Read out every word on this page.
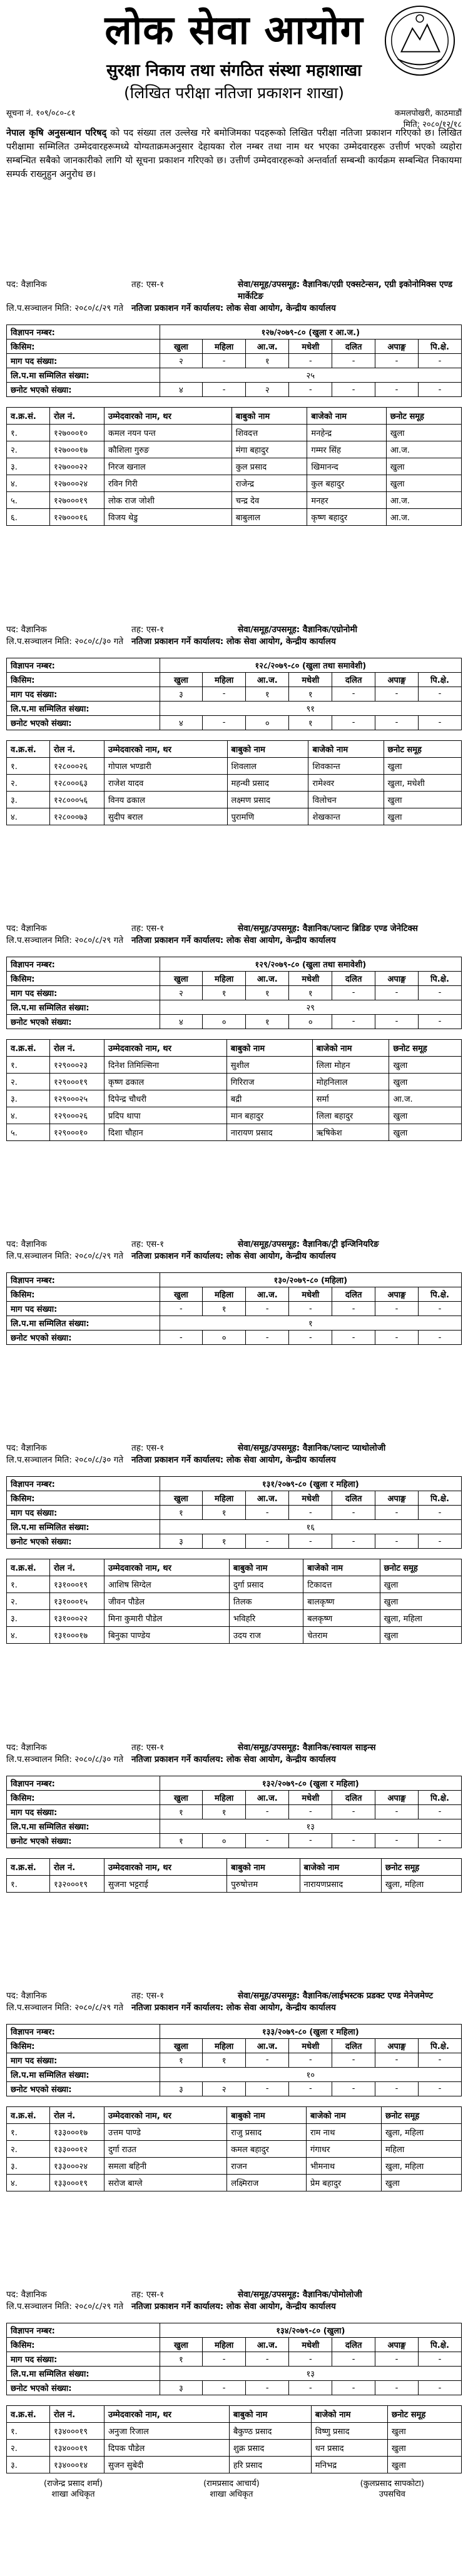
लोक सेवा आयोग
सुरक्षा निकाय तथा संगठित संस्था महाशाखा
(लिखित परीक्षा नतिजा प्रकाशन शाखा)
सूचना नं. १०९/०८०-८१	कमलपोखरी, काठमाडौं
मिति: २०८०/१२/१८
नेपाल कृषि अनुसन्धान परिषद् को पद संख्या तल उल्लेख गरे बमोजिमका पदहरूको लिखित परीक्षा नतिजा प्रकाशन गरिएको छ। लिखित परीक्षामा सम्मिलित उम्मेदवारहरूमध्ये योग्यताक्रमअनुसार देहायका रोल नम्बर तथा नाम थर भएका उम्मेदवारहरू उत्तीर्ण भएको व्यहोरा सम्बन्धित सबैको जानकारीको लागि यो सूचना प्रकाशन गरिएको छ। उत्तीर्ण उम्मेदवारहरूको अन्तर्वार्ता सम्बन्धी कार्यक्रम सम्बन्धित निकायमा सम्पर्क राख्नुहुन अनुरोध छ।
पद: वैज्ञानिक	तह: एस-१	सेवा/समूह/उपसमूह: वैज्ञानिक/एग्री एक्सटेन्सन, एग्री इकोनोमिक्स एण्ड मार्केटिङ
लि.प.सञ्चालन मिति: २०८०/८/२९ गते नतिजा प्रकाशन गर्ने कार्यालय: लोक सेवा आयोग, केन्द्रीय कार्यालय
विज्ञापन नम्बर:	१२७/२०७९-८० (खुला र आ.ज.)						
किसिम:	खुला	महिला	आ.ज.	मधेशी	दलित	अपाङ्ग	पि.क्षे.
माग पद संख्या:	२	-	१	-	-	-	-
लि.प.मा सम्मिलित संख्या:	२५						
छनोट भएको संख्या:	४	-	२	-	-	-	-
व.क्र.सं.	रोल नं.	उम्मेदवारको नाम, थर	बाबुको नाम	बाजेको नाम	छनोट समूह
१.	१२७०००१०	कमल नयन पन्त	शिवदत्त	मनहेन्द्र	खुला
२.	१२७०००१७	कौशिला गुरुङ	मंगा बहादुर	गम्मर सिंह	आ.ज.
३.	१२७०००२२	निरज खनाल	कुल प्रसाद	खिमानन्द	खुला
४.	१२७०००२४	रविन गिरी	राजेन्द्र	कुल बहादुर	खुला
५.	१२७०००१९	लोक राज जोशी	चन्द्र देव	मनहर	आ.ज.
६.	१२७०००१६	विजय थेडु	बाबुलाल	कृष्ण बहादुर	आ.ज.
पद: वैज्ञानिक	तह: एस-१	सेवा/समूह/उपसमूह: वैज्ञानिक/एग्रोनोमी
लि.प.सञ्चालन मिति: २०८०/८/३० गते नतिजा प्रकाशन गर्ने कार्यालय: लोक सेवा आयोग, केन्द्रीय कार्यालय
विज्ञापन नम्बर:	१२८/२०७९-८० (खुला तथा समावेशी)						
किसिम:	खुला	महिला	आ.ज.	मधेशी	दलित	अपाङ्ग	पि.क्षे.
माग पद संख्या:	३	-	१	१	-	-	-
लि.प.मा सम्मिलित संख्या:	९१						
छनोट भएको संख्या:	४	-	०	१	-	-	-
व.क्र.सं.	रोल नं.	उम्मेदवारको नाम, थर	बाबुको नाम	बाजेको नाम	छनोट समूह
१.	१२८०००२६	गोपाल भण्डारी	शिवलाल	शिवकान्त	खुला
२.	१२८०००६३	राजेश यादव	महन्थी प्रसाद	रामेश्वर	खुला, मधेशी
३.	१२८०००५६	विनय ढकाल	लक्ष्मण प्रसाद	विलोचन	खुला
४.	१२८०००७३	सुदीप बराल	पुरामणि	शेखकान्त	खुला
पद: वैज्ञानिक	तह: एस-१	सेवा/समूह/उपसमूह: वैज्ञानिक/प्लान्ट ब्रिडिङ एण्ड जेनेटिक्स
लि.प.सञ्चालन मिति: २०८०/८/२९ गते नतिजा प्रकाशन गर्ने कार्यालय: लोक सेवा आयोग, केन्द्रीय कार्यालय
विज्ञापन नम्बर:	१२९/२०७९-८० (खुला तथा समावेशी)						
किसिम:	खुला	महिला	आ.ज.	मधेशी	दलित	अपाङ्ग	पि.क्षे.
माग पद संख्या:	२	१	१	१	-	-	-
लि.प.मा सम्मिलित संख्या:	२९						
छनोट भएको संख्या:	४	०	१	०	-	-	-
व.क्र.सं.	रोल नं.	उम्मेदवारको नाम, थर	बाबुको नाम	बाजेको नाम	छनोट समूह
१.	१२९०००२३	दिनेश तिमिल्सिना	सुशील	लिला मोहन	खुला
२.	१२९०००१९	कृष्ण ढकाल	गिरिराज	मोहनिलाल	खुला
३.	१२९०००२५	दिपेन्द्र चौधरी	बद्री	सर्मा	आ.ज.
४.	१२९०००२६	प्रदिप थापा	मान बहादुर	लिला बहादुर	खुला
५.	१२९०००१०	दिशा चौहान	नारायण प्रसाद	ऋषिकेश	खुला
पद: वैज्ञानिक	तह: एस-१	सेवा/समूह/उपसमूह: वैज्ञानिक/ट्री इन्जिनियरिङ
लि.प.सञ्चालन मिति: २०८०/८/२९ गते नतिजा प्रकाशन गर्ने कार्यालय: लोक सेवा आयोग, केन्द्रीय कार्यालय
विज्ञापन नम्बर:	१३०/२०७९-८० (महिला)						
किसिम:	खुला	महिला	आ.ज.	मधेशी	दलित	अपाङ्ग	पि.क्षे.
माग पद संख्या:	-	१	-	-	-	-	-
लि.प.मा सम्मिलित संख्या:	१						
छनोट भएको संख्या:	-	०	-	-	-	-	-
पद: वैज्ञानिक	तह: एस-१	सेवा/समूह/उपसमूह: वैज्ञानिक/प्लान्ट प्याथोलोजी
लि.प.सञ्चालन मिति: २०८०/८/३० गते नतिजा प्रकाशन गर्ने कार्यालय: लोक सेवा आयोग, केन्द्रीय कार्यालय
विज्ञापन नम्बर:	१३१/२०७९-८० (खुला र महिला)						
किसिम:	खुला	महिला	आ.ज.	मधेशी	दलित	अपाङ्ग	पि.क्षे.
माग पद संख्या:	१	१	-	-	-	-	-
लि.प.मा सम्मिलित संख्या:	१६						
छनोट भएको संख्या:	३	१	-	-	-	-	-
व.क्र.सं.	रोल नं.	उम्मेदवारको नाम, थर	बाबुको नाम	बाजेको नाम	छनोट समूह
१.	१३१०००१९	आशिष सिग्देल	दुर्गा प्रसाद	टिकादत्त	खुला
२.	१३१०००१५	जीवन पौडेल	तिलक	बालकृष्ण	खुला
३.	१३१०००२२	मिना कुमारी पौडेल	भविहरि	बलकृष्ण	खुला, महिला
४.	१३१०००१७	बिनुका पाण्डेय	उदय राज	चेतराम	खुला
पद: वैज्ञानिक	तह: एस-१	सेवा/समूह/उपसमूह: वैज्ञानिक/स्वायल साइन्स
लि.प.सञ्चालन मिति: २०८०/८/३० गते नतिजा प्रकाशन गर्ने कार्यालय: लोक सेवा आयोग, केन्द्रीय कार्यालय
विज्ञापन नम्बर:	१३२/२०७९-८० (खुला र महिला)						
किसिम:	खुला	महिला	आ.ज.	मधेशी	दलित	अपाङ्ग	पि.क्षे.
माग पद संख्या:	१	१	-	-	-	-	-
लि.प.मा सम्मिलित संख्या:	१३						
छनोट भएको संख्या:	१	०	-	-	-	-	-
व.क्र.सं.	रोल नं.	उम्मेदवारको नाम, थर	बाबुको नाम	बाजेको नाम	छनोट समूह
१.	१३२०००१९	सुजना भट्टराई	पुरुषोत्तम	नारायणप्रसाद	खुला, महिला
पद: वैज्ञानिक	तह: एस-१	सेवा/समूह/उपसमूह: वैज्ञानिक/लाईभस्टक प्रडक्ट एण्ड मेनेजमेण्ट
लि.प.सञ्चालन मिति: २०८०/८/२९ गते नतिजा प्रकाशन गर्ने कार्यालय: लोक सेवा आयोग, केन्द्रीय कार्यालय
विज्ञापन नम्बर:	१३३/२०७९-८० (खुला र महिला)						
किसिम:	खुला	महिला	आ.ज.	मधेशी	दलित	अपाङ्ग	पि.क्षे.
माग पद संख्या:	१	१	-	-	-	-	-
लि.प.मा सम्मिलित संख्या:	१०						
छनोट भएको संख्या:	३	२	-	-	-	-	-
व.क्र.सं.	रोल नं.	उम्मेदवारको नाम, थर	बाबुको नाम	बाजेको नाम	छनोट समूह
१.	१३३०००१७	उत्तम पाण्डे	राजु प्रसाद	राम नाथ	खुला, महिला
२.	१३३०००१२	दुर्गा राउत	कमल बहादुर	गंगाधर	महिला
३.	१३३०००२४	समला बहिनी	राजन	भीमनाथ	खुला, महिला
४.	१३३०००१९	सरोज बाग्ले	लक्ष्मिराज	प्रेम बहादुर	खुला
पद: वैज्ञानिक	तह: एस-१	सेवा/समूह/उपसमूह: वैज्ञानिक/पोमोलोजी
लि.प.सञ्चालन मिति: २०८०/८/२९ गते नतिजा प्रकाशन गर्ने कार्यालय: लोक सेवा आयोग, केन्द्रीय कार्यालय
विज्ञापन नम्बर:	१३४/२०७९-८० (खुला)						
किसिम:	खुला	महिला	आ.ज.	मधेशी	दलित	अपाङ्ग	पि.क्षे.
माग पद संख्या:	१	-	-	-	-	-	-
लि.प.मा सम्मिलित संख्या:	१३						
छनोट भएको संख्या:	३	-	-	-	-	-	-
व.क्र.सं.	रोल नं.	उम्मेदवारको नाम, थर	बाबुको नाम	बाजेको नाम	छनोट समूह
१.	१३४०००१९	अनुजा रिजाल	बैकुण्ठ प्रसाद	विष्णु प्रसाद	खुला
२.	१३४०००१९	दिपक पौडेल	शुक्र प्रसाद	धन प्रसाद	खुला
३.	१३४०००१४	सुजन सुबेदी	हरि प्रसाद	मनिभद्र	खुला
(राजेन्द्र प्रसाद शर्मा)
शाखा अधिकृत
(रामप्रसाद आचार्य)
शाखा अधिकृत
(कुलप्रसाद सापकोटा)
उपसचिव
